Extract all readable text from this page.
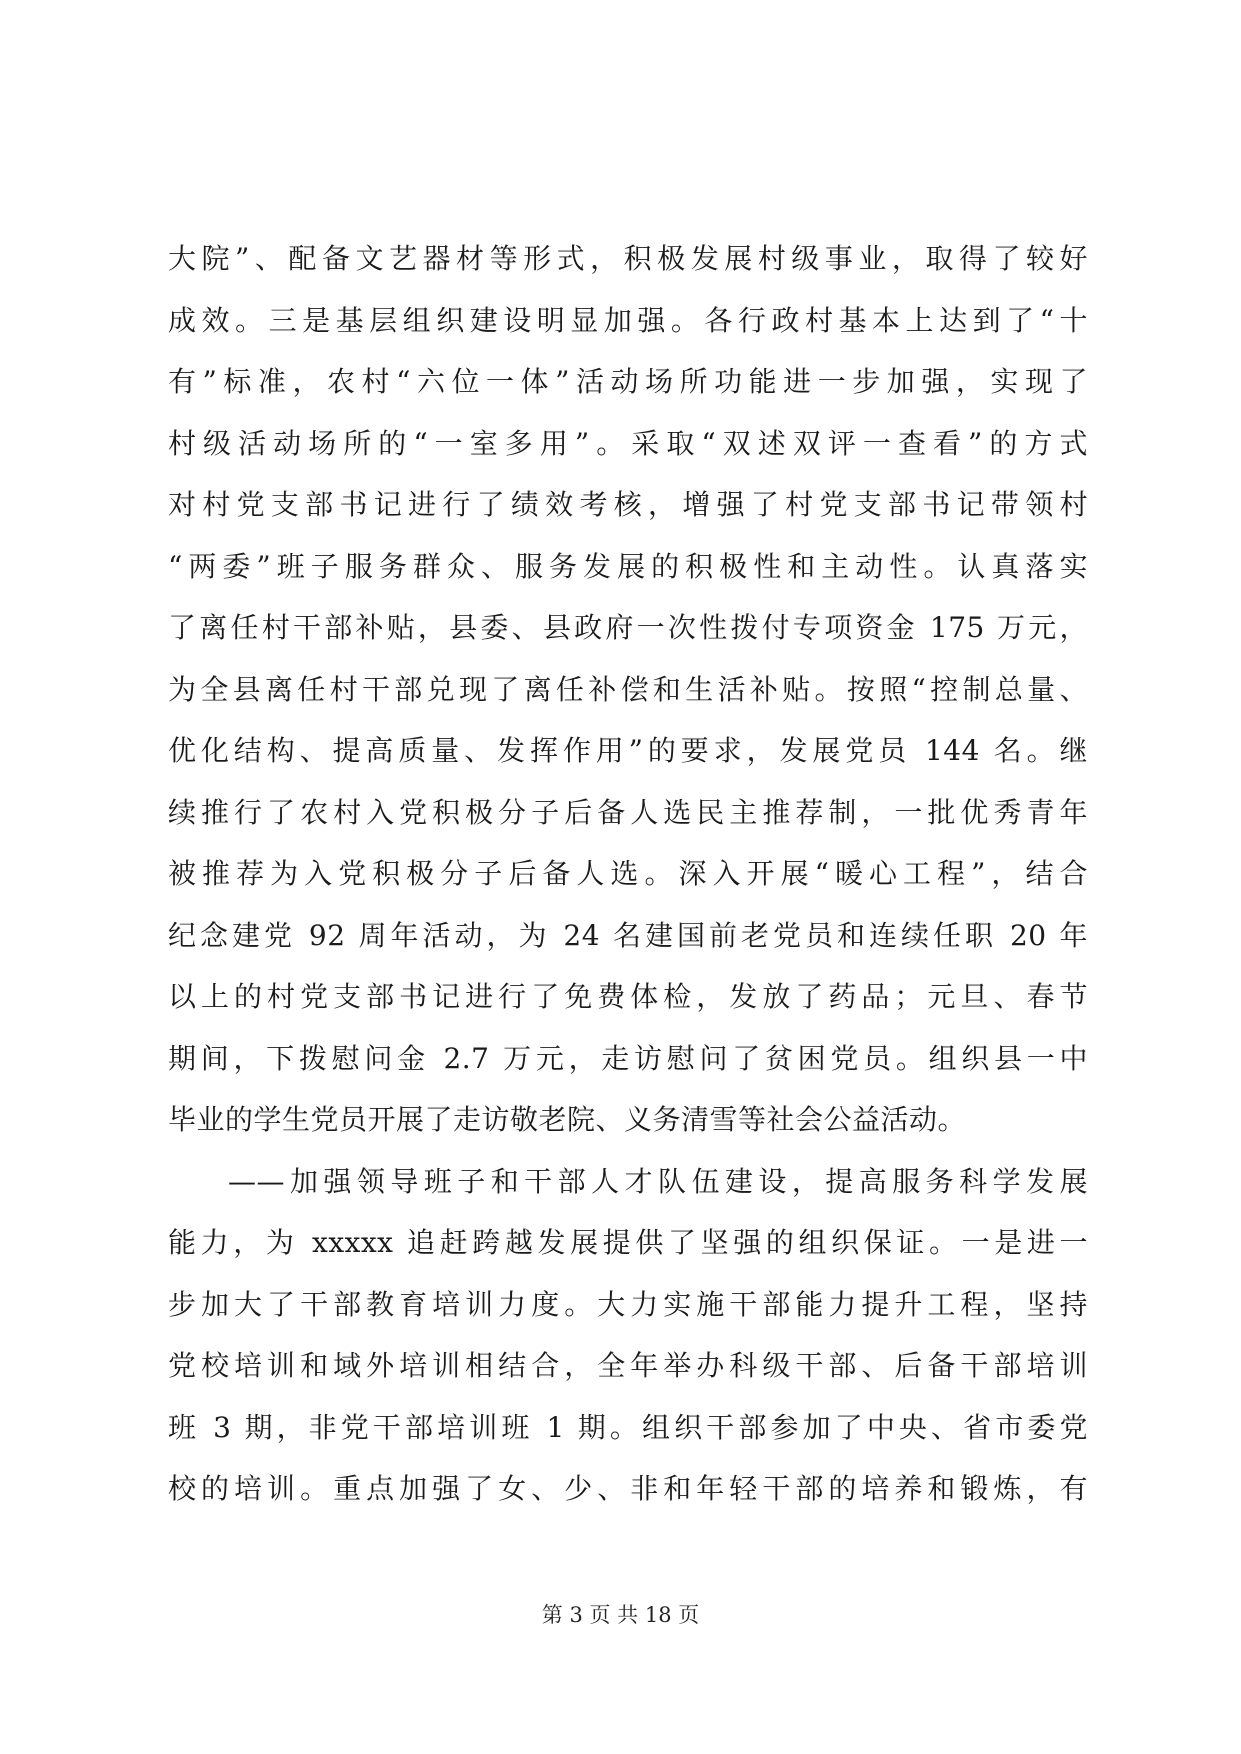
大院”、配备文艺器材等形式，积极发展村级事业，取得了较好
成效。三是基层组织建设明显加强。各行政村基本上达到了“十
有”标准，农村“六位一体”活动场所功能进一步加强，实现了
村级活动场所的“一室多用”。采取“双述双评一查看”的方式
对村党支部书记进行了绩效考核，增强了村党支部书记带领村
“两委”班子服务群众、服务发展的积极性和主动性。认真落实
了离任村干部补贴，县委、县政府一次性拨付专项资金 175 万元，
为全县离任村干部兑现了离任补偿和生活补贴。按照“控制总量、
优化结构、提高质量、发挥作用”的要求，发展党员 144 名。继
续推行了农村入党积极分子后备人选民主推荐制，一批优秀青年
被推荐为入党积极分子后备人选。深入开展“暖心工程”，结合
纪念建党 92 周年活动，为 24 名建国前老党员和连续任职 20 年
以上的村党支部书记进行了免费体检，发放了药品；元旦、春节
期间，下拨慰问金 2.7 万元，走访慰问了贫困党员。组织县一中
毕业的学生党员开展了走访敬老院、义务清雪等社会公益活动。
——加强领导班子和干部人才队伍建设，提高服务科学发展
能力，为 xxxxx 追赶跨越发展提供了坚强的组织保证。一是进一
步加大了干部教育培训力度。大力实施干部能力提升工程，坚持
党校培训和域外培训相结合，全年举办科级干部、后备干部培训
班 3 期，非党干部培训班 1 期。组织干部参加了中央、省市委党
校的培训。重点加强了女、少、非和年轻干部的培养和锻炼，有
第 3 页 共 18 页
